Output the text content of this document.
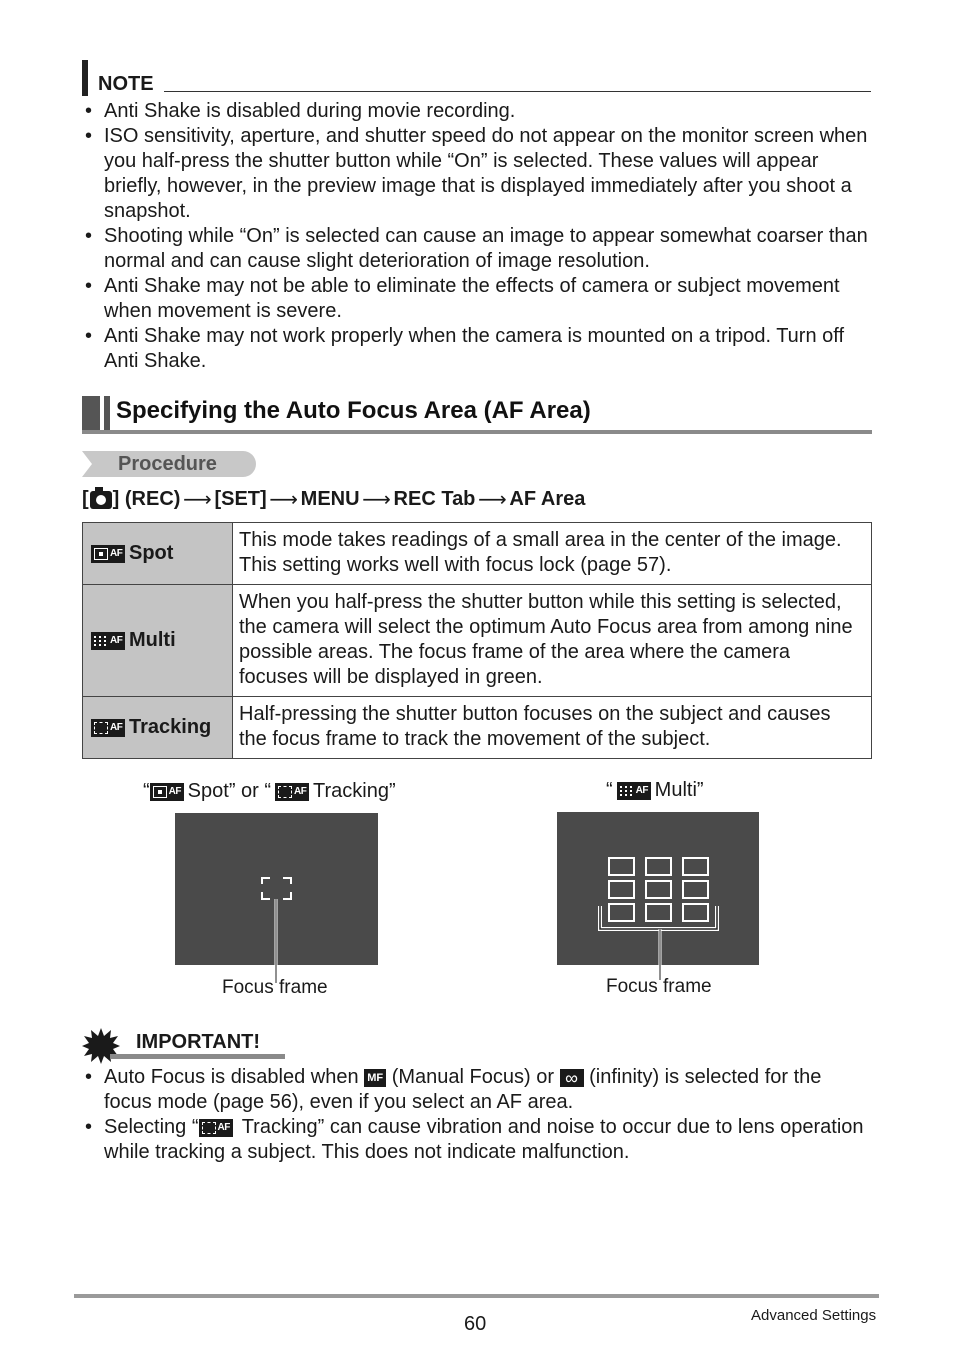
NOTE
• Anti Shake is disabled during movie recording.
• ISO sensitivity, aperture, and shutter speed do not appear on the monitor screen when you half-press the shutter button while “On” is selected. These values will appear briefly, however, in the preview image that is displayed immediately after you shoot a snapshot.
• Shooting while “On” is selected can cause an image to appear somewhat coarser than normal and can cause slight deterioration of image resolution.
• Anti Shake may not be able to eliminate the effects of camera or subject movement when movement is severe.
• Anti Shake may not work properly when the camera is mounted on a tripod. Turn off Anti Shake.
Specifying the Auto Focus Area (AF Area)
Procedure
[ ] (REC) ⟶ [SET] ⟶ MENU ⟶ REC Tab ⟶ AF Area
AF Spot	This mode takes readings of a small area in the center of the image. This setting works well with focus lock (page 57).

AF Multi	When you half-press the shutter button while this setting is selected, the camera will select the optimum Auto Focus area from among nine possible areas. The focus frame of the area where the camera focuses will be displayed in green.

AF Tracking	Half-pressing the shutter button focuses on the subject and causes the focus frame to track the movement of the subject.
“ AF Spot” or “ AF Tracking”	“ AF Multi”
Focus frame	Focus frame
IMPORTANT!
• Auto Focus is disabled when MF (Manual Focus) or ∞ (infinity) is selected for the focus mode (page 56), even if you select an AF area.
• Selecting “ AF Tracking” can cause vibration and noise to occur due to lens operation while tracking a subject. This does not indicate malfunction.
60	Advanced Settings
